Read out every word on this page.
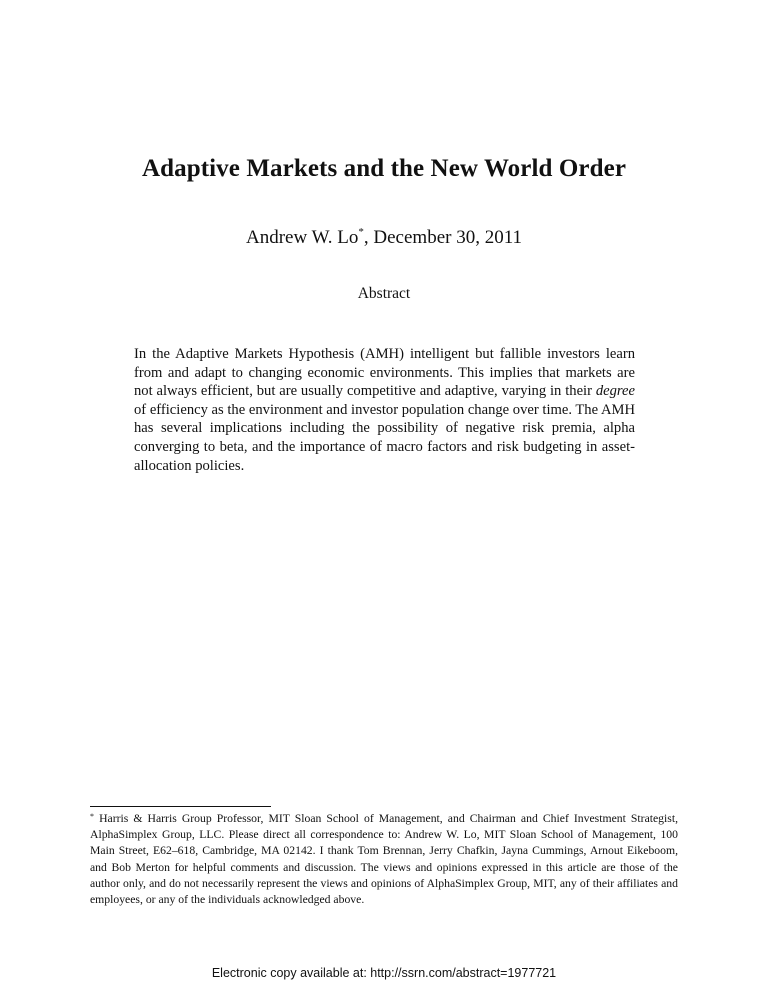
Adaptive Markets and the New World Order
Andrew W. Lo*, December 30, 2011
Abstract
In the Adaptive Markets Hypothesis (AMH) intelligent but fallible investors learn from and adapt to changing economic environments. This implies that markets are not always efficient, but are usually competitive and adaptive, varying in their degree of efficiency as the environment and investor population change over time. The AMH has several implications including the possibility of negative risk premia, alpha converging to beta, and the importance of macro factors and risk budgeting in asset-allocation policies.
* Harris & Harris Group Professor, MIT Sloan School of Management, and Chairman and Chief Investment Strategist, AlphaSimplex Group, LLC. Please direct all correspondence to: Andrew W. Lo, MIT Sloan School of Management, 100 Main Street, E62–618, Cambridge, MA 02142. I thank Tom Brennan, Jerry Chafkin, Jayna Cummings, Arnout Eikeboom, and Bob Merton for helpful comments and discussion. The views and opinions expressed in this article are those of the author only, and do not necessarily represent the views and opinions of AlphaSimplex Group, MIT, any of their affiliates and employees, or any of the individuals acknowledged above.
Electronic copy available at: http://ssrn.com/abstract=1977721
